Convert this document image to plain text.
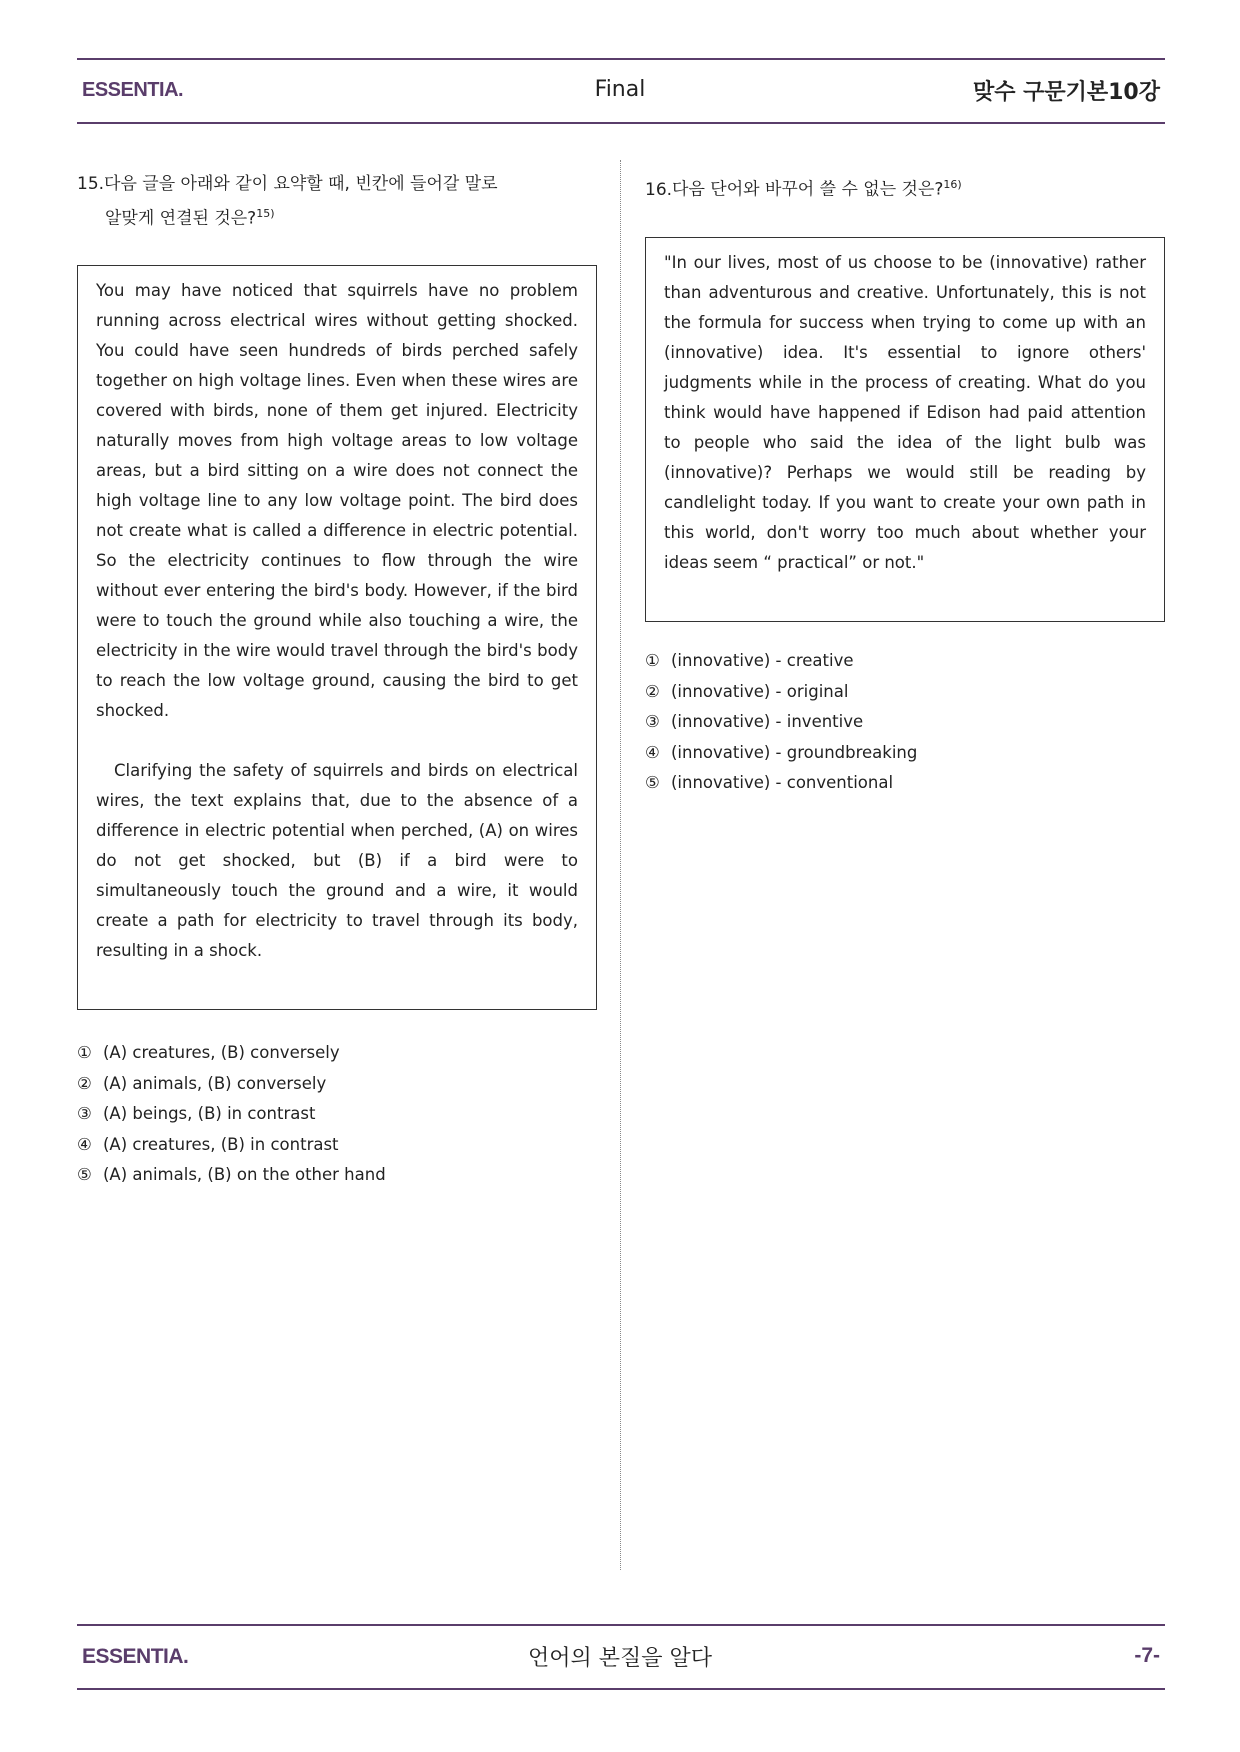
ESSENTIA.	Final	맞수 구문기본10강
15.다음 글을 아래와 같이 요약할 때, 빈칸에 들어갈 말로
알맞게 연결된 것은?$^{15)}$

You may have noticed that squirrels have no problem running across electrical wires without getting shocked. You could have seen hundreds of birds perched safely together on high voltage lines. Even when these wires are covered with birds, none of them get injured. Electricity naturally moves from high voltage areas to low voltage areas, but a bird sitting on a wire does not connect the high voltage line to any low voltage point. The bird does not create what is called a difference in electric potential. So the electricity continues to flow through the wire without ever entering the bird's body. However, if the bird were to touch the ground while also touching a wire, the electricity in the wire would travel through the bird's body to reach the low voltage ground, causing the bird to get shocked.

Clarifying the safety of squirrels and birds on electrical wires, the text explains that, due to the absence of a difference in electric potential when perched, (A) on wires do not get shocked, but (B) if a bird were to simultaneously touch the ground and a wire, it would create a path for electricity to travel through its body, resulting in a shock.

① (A) creatures, (B) conversely
② (A) animals, (B) conversely
③ (A) beings, (B) in contrast
④ (A) creatures, (B) in contrast
⑤ (A) animals, (B) on the other hand
16.다음 단어와 바꾸어 쓸 수 없는 것은?$^{16)}$

"In our lives, most of us choose to be (innovative) rather than adventurous and creative. Unfortunately, this is not the formula for success when trying to come up with an (innovative) idea. It's essential to ignore others' judgments while in the process of creating. What do you think would have happened if Edison had paid attention to people who said the idea of the light bulb was (innovative)? Perhaps we would still be reading by candlelight today. If you want to create your own path in this world, don't worry too much about whether your ideas seem “ practical” or not."

① (innovative) - creative
② (innovative) - original
③ (innovative) - inventive
④ (innovative) - groundbreaking
⑤ (innovative) - conventional
ESSENTIA.	언어의 본질을 알다	-7-
